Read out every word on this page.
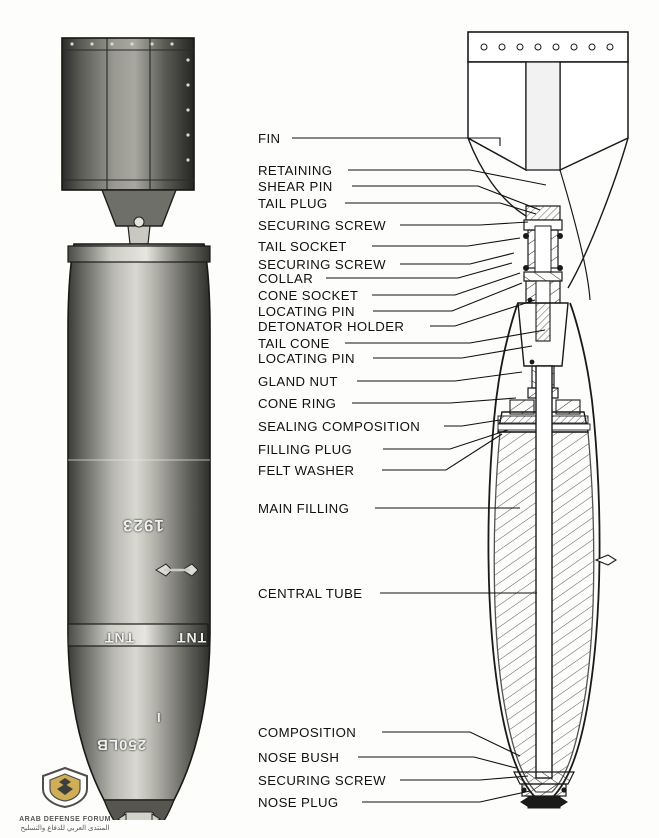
1923
TNT	TNT
250LB
I
ARAB DEFENSE FORUM
المنتدى العربي للدفاع والتسليح
FIN
RETAINING
SHEAR PIN
TAIL PLUG
SECURING SCREW
TAIL SOCKET
SECURING SCREW
COLLAR
CONE SOCKET
LOCATING PIN
DETONATOR HOLDER
TAIL CONE
LOCATING PIN
GLAND NUT
CONE RING
SEALING COMPOSITION
FILLING PLUG
FELT WASHER
MAIN FILLING
CENTRAL TUBE
COMPOSITION
NOSE BUSH
SECURING SCREW
NOSE PLUG
